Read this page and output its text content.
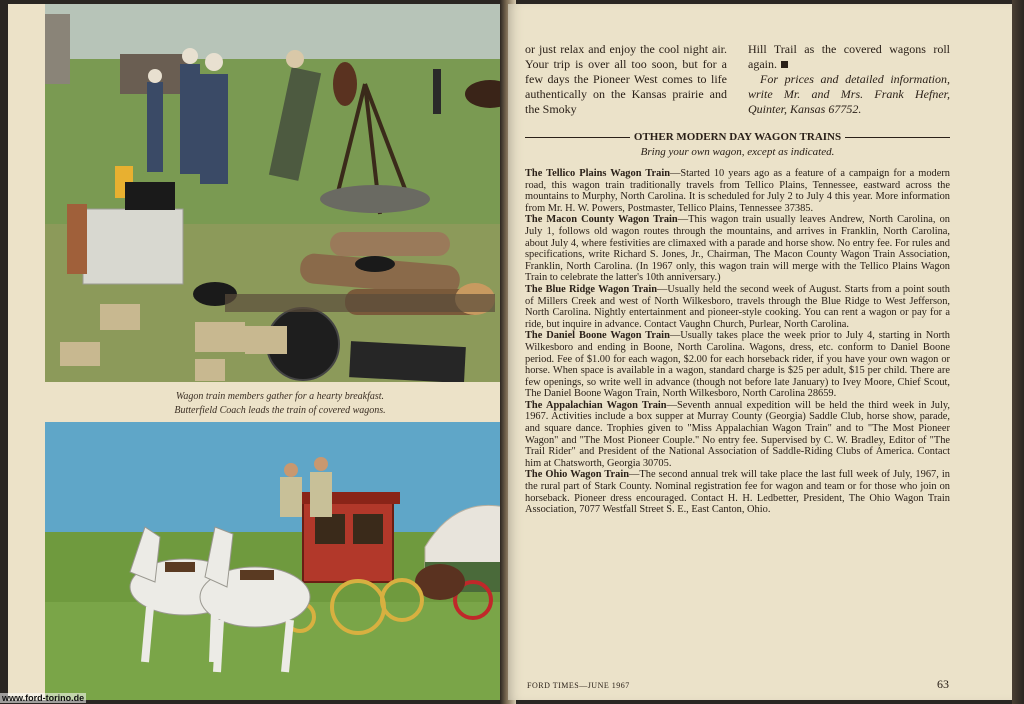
Wagon train members gather for a hearty breakfast.
Butterfield Coach leads the train of covered wagons.
www.ford-torino.de
or just relax and enjoy the cool night air. Your trip is over all too soon, but for a few days the Pioneer West comes to life authentically on the Kansas prairie and the Smoky
Hill Trail as the covered wagons roll again.
For prices and detailed information, write Mr. and Mrs. Frank Hefner, Quinter, Kansas 67752.
OTHER MODERN DAY WAGON TRAINS
Bring your own wagon, except as indicated.

The Tellico Plains Wagon Train—Started 10 years ago as a feature of a campaign for a modern road, this wagon train traditionally travels from Tellico Plains, Tennessee, eastward across the mountains to Murphy, North Carolina. It is scheduled for July 2 to July 4 this year. More information from Mr. H. W. Powers, Postmaster, Tellico Plains, Tennessee 37385.

The Macon County Wagon Train—This wagon train usually leaves Andrew, North Carolina, on July 1, follows old wagon routes through the mountains, and arrives in Franklin, North Carolina, about July 4, where festivities are climaxed with a parade and horse show. No entry fee. For rules and specifications, write Richard S. Jones, Jr., Chairman, The Macon County Wagon Train Association, Franklin, North Carolina. (In 1967 only, this wagon train will merge with the Tellico Plains Wagon Train to celebrate the latter's 10th anniversary.)

The Blue Ridge Wagon Train—Usually held the second week of August. Starts from a point south of Millers Creek and west of North Wilkesboro, travels through the Blue Ridge to West Jefferson, North Carolina. Nightly entertainment and pioneer-style cooking. You can rent a wagon or pay for a ride, but inquire in advance. Contact Vaughn Church, Purlear, North Carolina.

The Daniel Boone Wagon Train—Usually takes place the week prior to July 4, starting in North Wilkesboro and ending in Boone, North Carolina. Wagons, dress, etc. conform to Daniel Boone period. Fee of $1.00 for each wagon, $2.00 for each horseback rider, if you have your own wagon or horse. When space is available in a wagon, standard charge is $25 per adult, $15 per child. There are few openings, so write well in advance (though not before late January) to Ivey Moore, Chief Scout, The Daniel Boone Wagon Train, North Wilkesboro, North Carolina 28659.

The Appalachian Wagon Train—Seventh annual expedition will be held the third week in July, 1967. Activities include a box supper at Murray County (Georgia) Saddle Club, horse show, parade, and square dance. Trophies given to "Miss Appalachian Wagon Train" and to "The Most Pioneer Wagon" and "The Most Pioneer Couple." No entry fee. Supervised by C. W. Bradley, Editor of "The Trail Rider" and President of the National Association of Saddle-Riding Clubs of America. Contact him at Chatsworth, Georgia 30705.

The Ohio Wagon Train—The second annual trek will take place the last full week of July, 1967, in the rural part of Stark County. Nominal registration fee for wagon and team or for those who join on horseback. Pioneer dress encouraged. Contact H. H. Ledbetter, President, The Ohio Wagon Train Association, 7077 Westfall Street S. E., East Canton, Ohio.

FORD TIMES—JUNE 1967	63
